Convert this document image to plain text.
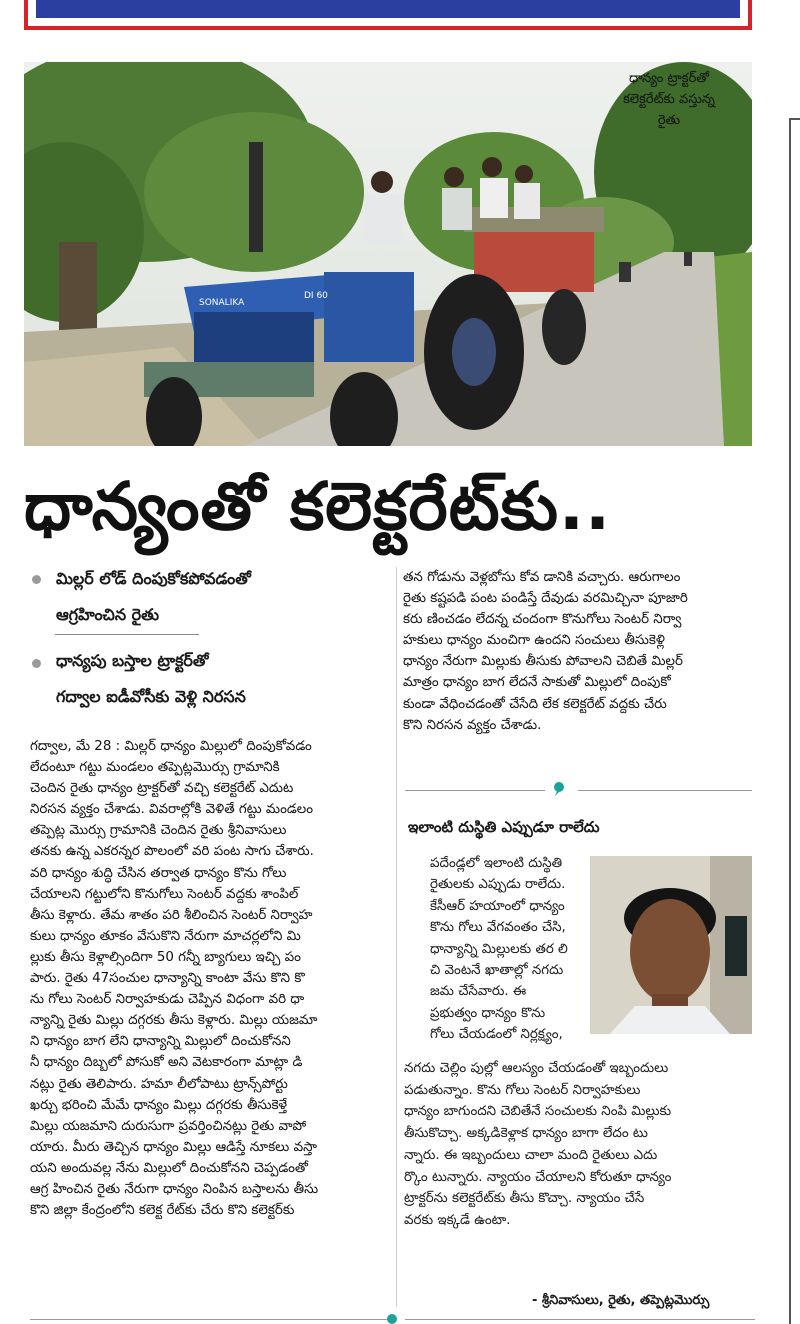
SONALIKA
DI 60
ధాన్యం ట్రాక్టర్‌తో
కలెక్టరేట్‌కు వస్తున్న
రైతు
ధాన్యంతో కలెక్టరేట్‌కు..
మిల్లర్‌ లోడ్‌ దింపుకోకపోవడంతో
ఆగ్రహించిన రైతు
ధాన్యపు బస్తాల ట్రాక్టర్‌తో
గద్వాల ఐడీవోసీకు వెళ్లి నిరసన

గద్వాల, మే 28 : మిల్లర్‌ ధాన్యం మిల్లులో దింపుకోవడం

లేదంటూ గట్టు మండలం తప్పెట్లమొర్సు గ్రామానికి

చెందిన రైతు ధాన్యం ట్రాక్టర్‌తో వచ్చి కలెక్టరేట్‌ ఎదుట

నిరసన వ్యక్తం చేశాడు. వివరాల్లోకి వెళితే గట్టు మండలం

తప్పెట్ల మొర్సు గ్రామానికి చెందిన రైతు శ్రీనివాసులు

తనకు ఉన్న ఎకరన్నర పొలంలో వరి పంట సాగు చేశారు.

వరి ధాన్యం శుద్ధి చేసిన తర్వాత ధాన్యం కొను గోలు

చేయాలని గట్టులోని కొనుగోలు సెంటర్‌ వద్దకు శాంపిల్‌

తీసు కెళ్లారు. తేమ శాతం పరి శీలించిన సెంటర్‌ నిర్వాహ

కులు ధాన్యం తూకం వేసుకొని నేరుగా మాచర్లలోని మి

ల్లుకు తీసు కెళ్లాల్సిందిగా 50 గన్నీ బ్యాగులు ఇచ్చి పం

పారు. రైతు 47సంచుల ధాన్యాన్ని కాంటా వేసు కొని కొ

ను గోలు సెంటర్‌ నిర్వాహకుడు చెప్పిన విధంగా వరి ధా

న్యాన్ని రైతు మిల్లు దగ్గరకు తీసు కెళ్లారు. మిల్లు యజమా

ని ధాన్యం బాగ లేని ధాన్యాన్ని మిల్లులో దించుకోనని

నీ ధాన్యం దిబ్బలో పోసుకో అని వెటకారంగా మాట్లా డి

నట్లు రైతు తెలిపారు. హమా లీలోపాటు ట్రాన్స్‌పోర్టు

ఖర్చు భరించి మేమే ధాన్యం మిల్లు దగ్గరకు తీసుకెళ్తే

మిల్లు యజమాని దురుసుగా ప్రవర్తించినట్లు రైతు వాపో

యారు. మీరు తెచ్చిన ధాన్యం మిల్లు ఆడిస్తే నూకలు వస్తా

యని అందువల్ల నేను మిల్లులో దించుకోనని చెప్పడంతో

ఆగ్ర హించిన రైతు నేరుగా ధాన్యం నింపిన బస్తాలను తీసు

కొని జిల్లా కేంద్రంలోని కలెక్ట రేట్‌కు చేరు కొని కలెక్టర్‌కు

తన గోడును వెళ్లబోసు కోవ డానికి వచ్చారు. ఆరుగాలం

రైతు కష్టపడి పంట పండిస్తే దేవుడు వరమిచ్చినా పూజారి

కరు ణించడం లేదన్న చందంగా కొనుగోలు సెంటర్‌ నిర్వా

హకులు ధాన్యం మంచిగా ఉందని సంచులు తీసుకెళ్లి

ధాన్యం నేరుగా మిల్లుకు తీసుకు పోవాలని చెబితే మిల్లర్‌

మాత్రం ధాన్యం బాగ లేదనే సాకుతో మిల్లులో దింపుకో

కుండా వేధించడంతో చేసేది లేక కలెక్టరేట్‌ వద్దకు చేరు

కొని నిరసన వ్యక్తం చేశాడు.

ఇలాంటి దుస్థితి ఎప్పుడూ రాలేదు

పదేండ్లలో ఇలాంటి దుస్థితి

రైతులకు ఎప్పుడు రాలేదు.

కేసీఆర్‌ హయాంలో ధాన్యం

కొను గోలు వేగవంతం చేసి,

ధాన్యాన్ని మిల్లులకు తర లి

చి వెంటనే ఖాతాల్లో నగదు

జమ చేసేవారు. ఈ

ప్రభుత్వం ధాన్యం కొను

గోలు చేయడంలో నిర్లక్ష్యం,

నగదు చెల్లిం పుల్లో ఆలస్యం చేయడంతో ఇబ్బందులు

పడుతున్నాం. కొను గోలు సెంటర్‌ నిర్వాహకులు

ధాన్యం బాగుందని చెబితేనే సంచులకు నింపి మిల్లుకు

తీసుకొచ్చా. అక్కడికెళ్లాక ధాన్యం బాగా లేదం టు

న్నారు. ఈ ఇబ్బందులు చాలా మంది రైతులు ఎదు

ర్కొం టున్నారు. న్యాయం చేయాలని కోరుతూ ధాన్యం

ట్రాక్టర్‌ను కలెక్టరేట్‌కు తీసు కొచ్చా. న్యాయం చేసే

వరకు ఇక్కడే ఉంటా.

- శ్రీనివాసులు, రైతు, తప్పెట్లమొర్సు
